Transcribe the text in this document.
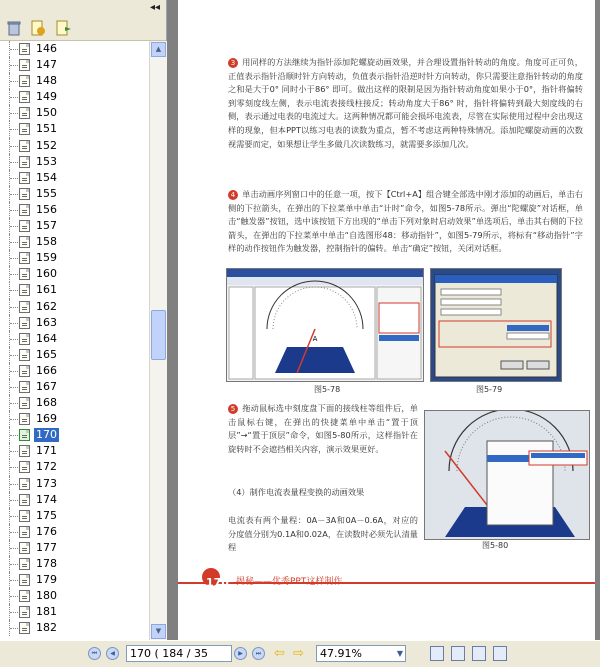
◂◂
146
147
148
149
150
151
152
153
154
155
156
157
158
159
160
161
162
163
164
165
166
167
168
169
170
171
172
173
174
175
176
177
178
179
180
181
182
▲
▼
3 用同样的方法继续为指针添加陀螺旋动画效果，并合理设置指针转动的角度。角度可正可负，正值表示指针沿顺时针方向转动，负值表示指针沿逆时针方向转动，你只需要注意指针转动的角度之和是大于0° 同时小于86° 即可。做出这样的限制是因为指针转动角度如果小于0°，指针将偏转到零刻度线左侧，表示电流表接线柱接反；转动角度大于86° 时，指针将偏转到最大刻度线的右侧，表示通过电表的电流过大。这两种情况都可能会损坏电流表，尽管在实际使用过程中会出现这样的现象，但本PPT以练习电表的读数为重点，暂不考虑这两种特殊情况。添加陀螺旋动画的次数视需要而定，如果想让学生多做几次读数练习，就需要多添加几次。
4 单击动画序列窗口中的任意一项，按下【Ctrl+A】组合键全部选中刚才添加的动画后，单击右侧的下拉箭头，在弹出的下拉菜单中单击“计时”命令，如图5-78所示。弹出“陀螺旋”对话框，单击“触发器”按钮，选中该按钮下方出现的“单击下列对象时启动效果”单选项后，单击其右侧的下拉箭头，在弹出的下拉菜单中单击“自选图形48：移动指针”，如图5-79所示，将标有“移动指针”字样的动作按钮作为触发器，控制指针的偏转。单击“确定”按钮，关闭对话框。
A
图5-78	图5-79
5 拖动鼠标选中刻度盘下面的接线柱等组件后，单击鼠标右键，在弹出的快捷菜单中单击“置于顶层”→“置于顶层”命令，如图5-80所示，这样指针在旋转时不会遮挡相关内容，演示效果更好。
（4）制作电流表量程变换的动画效果
电流表有两个量程：0A－3A和0A－0.6A，对应的分度值分别为0.1A和0.02A，在读数时必须先认清量程	图5-80
170 揭秘——优秀PPT这样制作
⏮	◀	170 ( 184 / 35	▶	⏭ ⇦ ⇨	47.91%	▼
